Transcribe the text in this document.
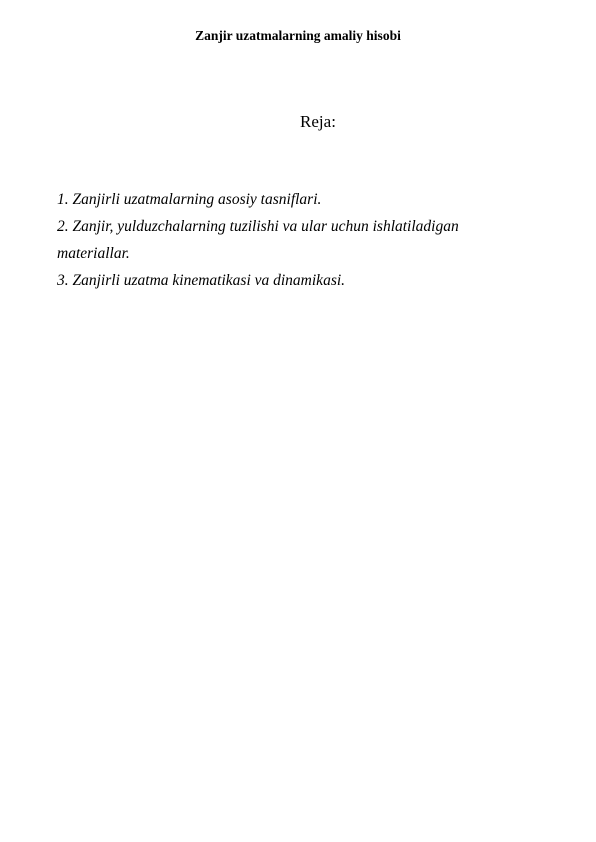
Zanjir uzatmalarning amaliy hisobi
Reja:
1. Zanjirli uzatmalarning asosiy tasniflari.
2. Zanjir, yulduzchalarning tuzilishi va ular uchun ishlatiladigan
materiallar.
3. Zanjirli uzatma kinematikasi va dinamikasi.
